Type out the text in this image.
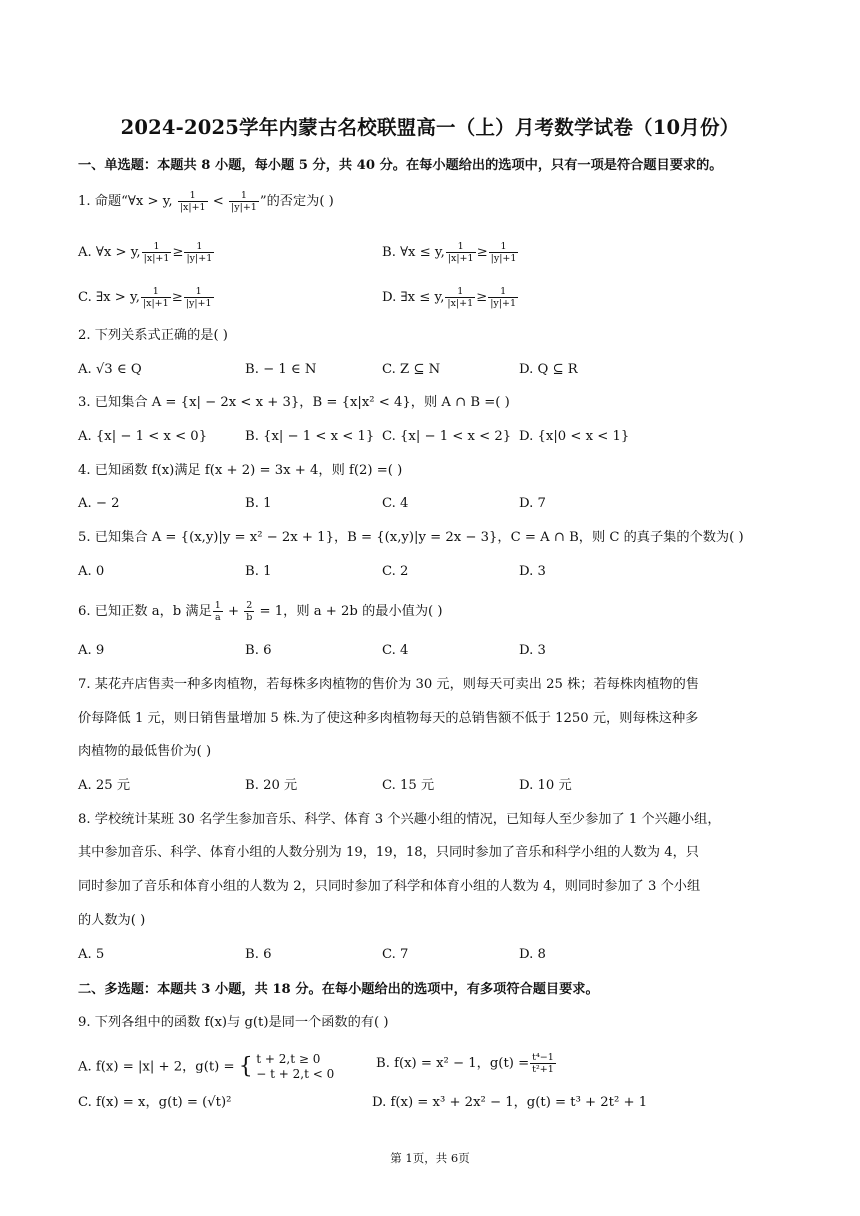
2024-2025学年内蒙古名校联盟高一（上）月考数学试卷（10月份）
一、单选题：本题共 8 小题，每小题 5 分，共 40 分。在每小题给出的选项中，只有一项是符合题目要求的。
1. 命题“∀x > y, $\frac{1}{|x|+1} < \frac{1}{|y|+1}$ ”的否定为( )
A. ∀x > y, $\frac{1}{|x|+1} \ge \frac{1}{|y|+1}$	B. ∀x ≤ y, $\frac{1}{|x|+1} \ge \frac{1}{|y|+1}$
C. ∃x > y, $\frac{1}{|x|+1} \ge \frac{1}{|y|+1}$	D. ∃x ≤ y, $\frac{1}{|x|+1} \ge \frac{1}{|y|+1}$
2. 下列关系式正确的是( )
A. √3 ∈ Q	B. − 1 ∈ N	C. Z ⊆ N	D. Q ⊆ R
3. 已知集合 A = {x| − 2x < x + 3}，B = {x|x² < 4}，则 A ∩ B =( )
A. {x| − 1 < x < 0}	B. {x| − 1 < x < 1} C. {x| − 1 < x < 2} D. {x|0 < x < 1}
4. 已知函数 f(x)满足 f(x + 2) = 3x + 4，则 f(2) =( )
A. − 2	B. 1	C. 4	D. 7
5. 已知集合 A = {(x,y)|y = x² − 2x + 1}，B = {(x,y)|y = 2x − 3}，C = A ∩ B，则 C 的真子集的个数为( )
A. 0	B. 1	C. 2	D. 3
6. 已知正数 a，b 满足 $\frac{1}{a} + \frac{2}{b} = 1$，则 a + 2b 的最小值为( )
A. 9	B. 6	C. 4	D. 3
7. 某花卉店售卖一种多肉植物，若每株多肉植物的售价为 30 元，则每天可卖出 25 株；若每株肉植物的售
价每降低 1 元，则日销售量增加 5 株.为了使这种多肉植物每天的总销售额不低于 1250 元，则每株这种多
肉植物的最低售价为( )
A. 25 元	B. 20 元	C. 15 元	D. 10 元
8. 学校统计某班 30 名学生参加音乐、科学、体育 3 个兴趣小组的情况，已知每人至少参加了 1 个兴趣小组，
其中参加音乐、科学、体育小组的人数分别为 19，19，18，只同时参加了音乐和科学小组的人数为 4，只
同时参加了音乐和体育小组的人数为 2，只同时参加了科学和体育小组的人数为 4，则同时参加了 3 个小组
的人数为( )
A. 5	B. 6	C. 7	D. 8
二、多选题：本题共 3 小题，共 18 分。在每小题给出的选项中，有多项符合题目要求。
9. 下列各组中的函数 f(x)与 g(t)是同一个函数的有( )
A. f(x) = |x| + 2，g(t) = { t + 2,t ≥ 0
− t + 2,t < 0
B. f(x) = x² − 1，$g(t) = \frac{\text{t⁴−1}}{\text{t²+1}}$
C. f(x) = x，g(t) = (√t)²	D. f(x) = x³ + 2x² − 1，g(t) = t³ + 2t² + 1
第 1页，共 6页
